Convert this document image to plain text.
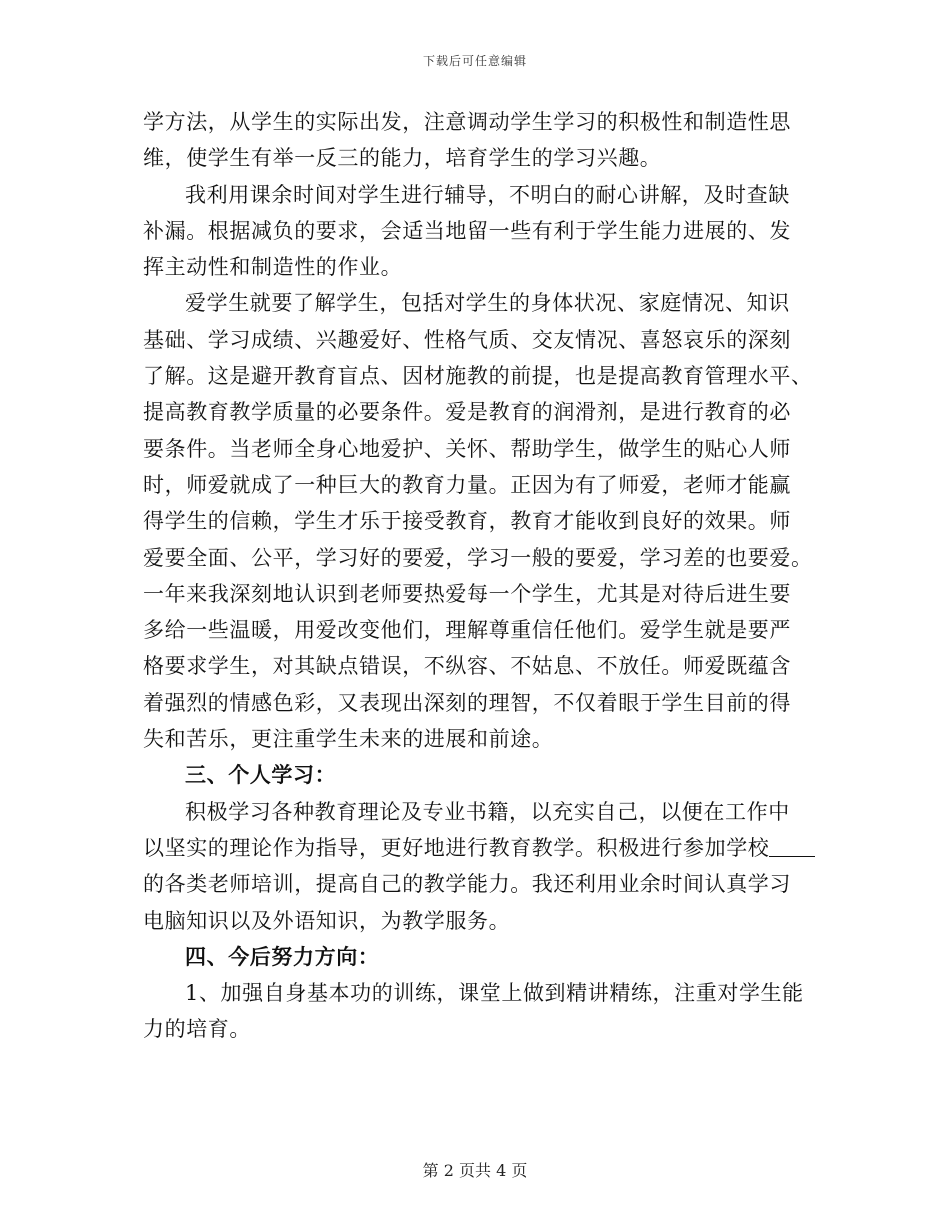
下载后可任意编辑
学方法，从学生的实际出发，注意调动学生学习的积极性和制造性思
维，使学生有举一反三的能力，培育学生的学习兴趣。
我利用课余时间对学生进行辅导，不明白的耐心讲解，及时查缺
补漏。根据减负的要求，会适当地留一些有利于学生能力进展的、发
挥主动性和制造性的作业。
爱学生就要了解学生，包括对学生的身体状况、家庭情况、知识
基础、学习成绩、兴趣爱好、性格气质、交友情况、喜怒哀乐的深刻
了解。这是避开教育盲点、因材施教的前提，也是提高教育管理水平、
提高教育教学质量的必要条件。爱是教育的润滑剂，是进行教育的必
要条件。当老师全身心地爱护、关怀、帮助学生，做学生的贴心人师
时，师爱就成了一种巨大的教育力量。正因为有了师爱，老师才能赢
得学生的信赖，学生才乐于接受教育，教育才能收到良好的效果。师
爱要全面、公平，学习好的要爱，学习一般的要爱，学习差的也要爱。
一年来我深刻地认识到老师要热爱每一个学生，尤其是对待后进生要
多给一些温暖，用爱改变他们，理解尊重信任他们。爱学生就是要严
格要求学生，对其缺点错误，不纵容、不姑息、不放任。师爱既蕴含
着强烈的情感色彩，又表现出深刻的理智，不仅着眼于学生目前的得
失和苦乐，更注重学生未来的进展和前途。
三、个人学习：
积极学习各种教育理论及专业书籍，以充实自己，以便在工作中
以坚实的理论作为指导，更好地进行教育教学。积极进行参加学校
的各类老师培训，提高自己的教学能力。我还利用业余时间认真学习
电脑知识以及外语知识，为教学服务。
四、今后努力方向：
1、加强自身基本功的训练，课堂上做到精讲精练，注重对学生能
力的培育。
第 2 页共 4 页
